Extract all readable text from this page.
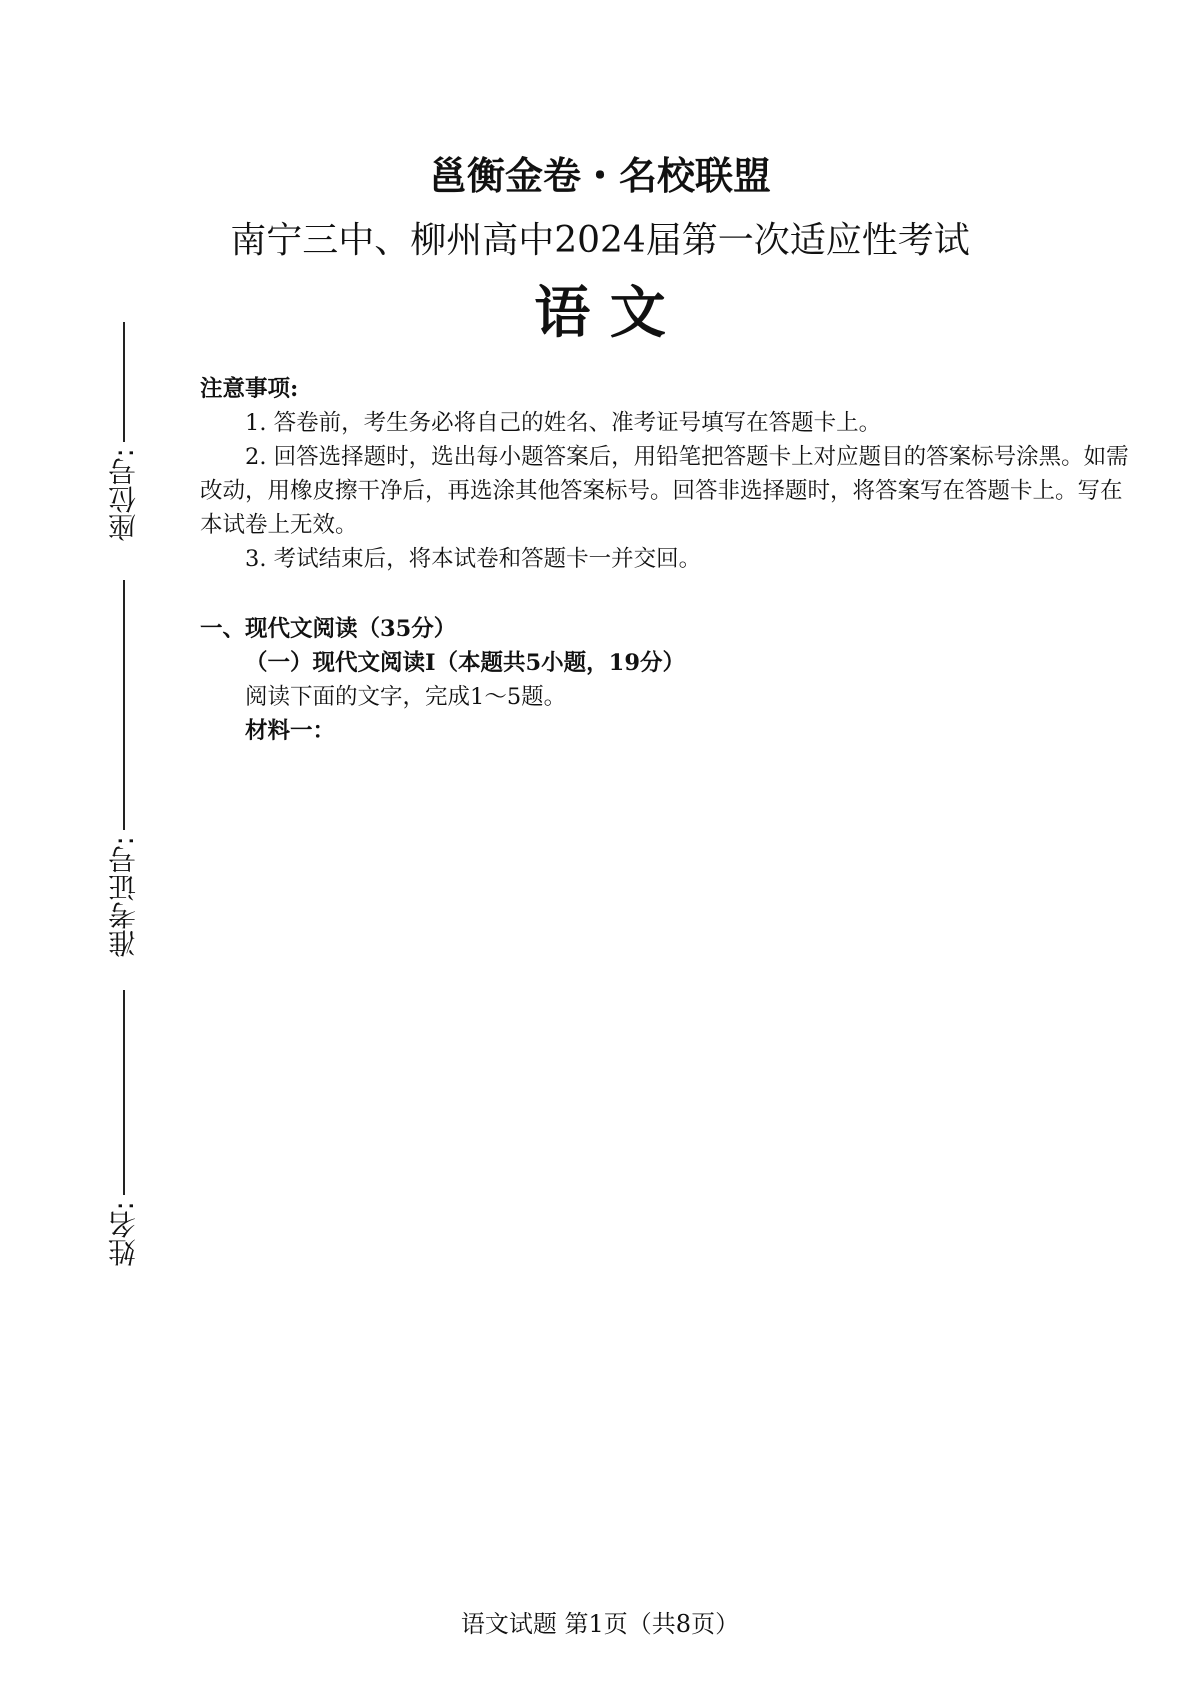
邕衡金卷・名校联盟
南宁三中、柳州高中2024届第一次适应性考试
语 文
座位号:
准考证号:
姓名:
注意事项:
1. 答卷前，考生务必将自己的姓名、准考证号填写在答题卡上。
2. 回答选择题时，选出每小题答案后，用铅笔把答题卡上对应题目的答案标号涂黑。如需改动，用橡皮擦干净后，再选涂其他答案标号。回答非选择题时，将答案写在答题卡上。写在本试卷上无效。
3. 考试结束后，将本试卷和答题卡一并交回。
一、现代文阅读（35分）
（一）现代文阅读I（本题共5小题，19分）
阅读下面的文字，完成1～5题。
材料一：
语文试题 第1页（共8页）
